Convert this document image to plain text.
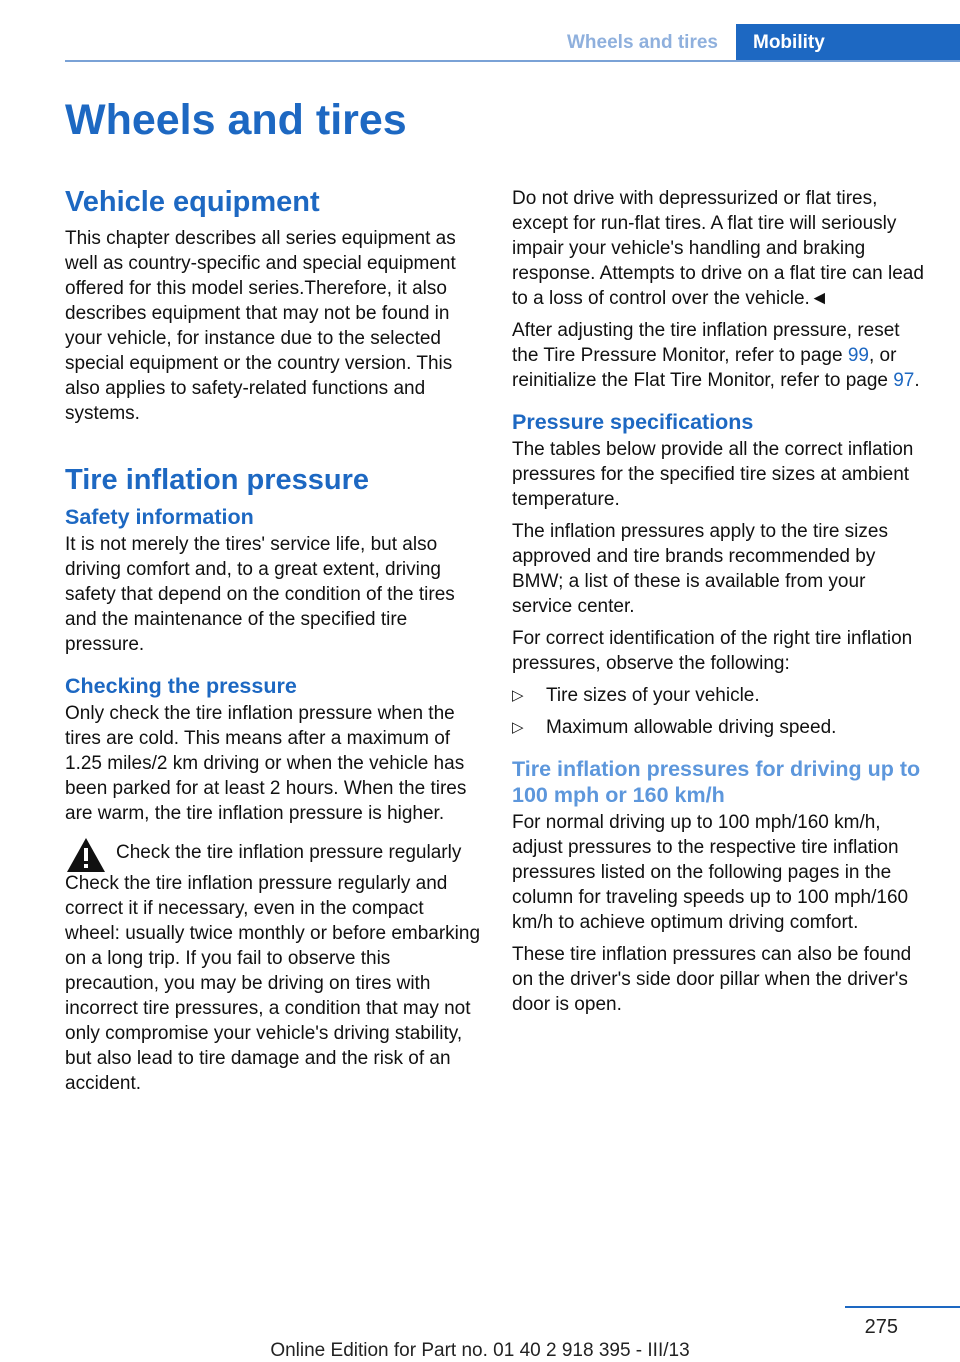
Wheels and tires	Mobility
Wheels and tires
Vehicle equipment

This chapter describes all series equipment as well as country-specific and special equipment offered for this model series.Therefore, it also describes equipment that may not be found in your vehicle, for instance due to the selected special equipment or the country version. This also applies to safety-related functions and systems.

Tire inflation pressure
Safety information

It is not merely the tires' service life, but also driving comfort and, to a great extent, driving safety that depend on the condition of the tires and the maintenance of the specified tire pressure.

Checking the pressure

Only check the tire inflation pressure when the tires are cold. This means after a maximum of 1.25 miles/2 km driving or when the vehicle has been parked for at least 2 hours. When the tires are warm, the tire inflation pressure is higher.

Check the tire inflation pressure regularly
Check the tire inflation pressure regularly and correct it if necessary, even in the compact wheel: usually twice monthly or before embarking on a long trip. If you fail to observe this precaution, you may be driving on tires with incorrect tire pressures, a condition that may not only compromise your vehicle's driving stability, but also lead to tire damage and the risk of an accident.

Do not drive with depressurized or flat tires, except for run-flat tires. A flat tire will seriously impair your vehicle's handling and braking response. Attempts to drive on a flat tire can lead to a loss of control over the vehicle.◄

After adjusting the tire inflation pressure, reset the Tire Pressure Monitor, refer to page 99, or reinitialize the Flat Tire Monitor, refer to page 97.

Pressure specifications

The tables below provide all the correct inflation pressures for the specified tire sizes at ambient temperature.

The inflation pressures apply to the tire sizes approved and tire brands recommended by BMW; a list of these is available from your service center.

For correct identification of the right tire inflation pressures, observe the following:

▷ Tire sizes of your vehicle.
▷ Maximum allowable driving speed.
Tire inflation pressures for driving up to 100 mph or 160 km/h

For normal driving up to 100 mph/160 km/h, adjust pressures to the respective tire inflation pressures listed on the following pages in the column for traveling speeds up to 100 mph/160 km/h to achieve optimum driving comfort.

These tire inflation pressures can also be found on the driver's side door pillar when the driver's door is open.

275
Online Edition for Part no. 01 40 2 918 395 - III/13
